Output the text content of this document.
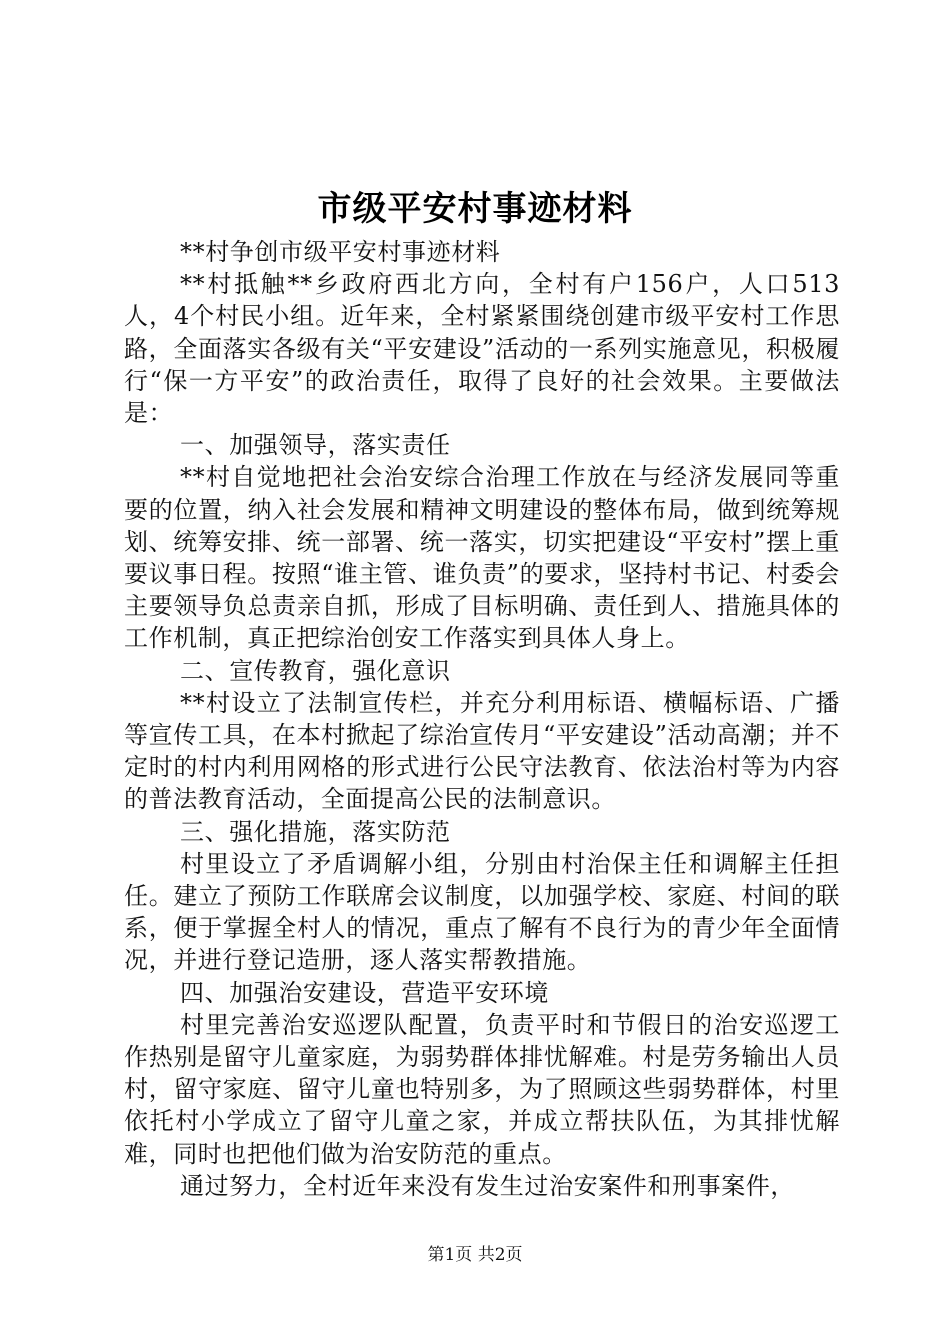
市级平安村事迹材料

**村争创市级平安村事迹材料

**村抵触**乡政府西北方向，全村有户156户，人口513人，4个村民小组。近年来，全村紧紧围绕创建市级平安村工作思路，全面落实各级有关“平安建设”活动的一系列实施意见，积极履行“保一方平安”的政治责任，取得了良好的社会效果。主要做法是：

一、加强领导，落实责任

**村自觉地把社会治安综合治理工作放在与经济发展同等重要的位置，纳入社会发展和精神文明建设的整体布局，做到统筹规划、统筹安排、统一部署、统一落实，切实把建设“平安村”摆上重要议事日程。按照“谁主管、谁负责”的要求，坚持村书记、村委会主要领导负总责亲自抓，形成了目标明确、责任到人、措施具体的工作机制，真正把综治创安工作落实到具体人身上。

二、宣传教育，强化意识

**村设立了法制宣传栏，并充分利用标语、横幅标语、广播等宣传工具，在本村掀起了综治宣传月“平安建设”活动高潮；并不定时的村内利用网格的形式进行公民守法教育、依法治村等为内容的普法教育活动，全面提高公民的法制意识。

三、强化措施，落实防范

村里设立了矛盾调解小组，分别由村治保主任和调解主任担任。建立了预防工作联席会议制度，以加强学校、家庭、村间的联系，便于掌握全村人的情况，重点了解有不良行为的青少年全面情况，并进行登记造册，逐人落实帮教措施。

四、加强治安建设，营造平安环境

村里完善治安巡逻队配置，负责平时和节假日的治安巡逻工作热别是留守儿童家庭，为弱势群体排忧解难。村是劳务输出人员村，留守家庭、留守儿童也特别多，为了照顾这些弱势群体，村里依托村小学成立了留守儿童之家，并成立帮扶队伍，为其排忧解难，同时也把他们做为治安防范的重点。

通过努力，全村近年来没有发生过治安案件和刑事案件，

第1页 共2页
